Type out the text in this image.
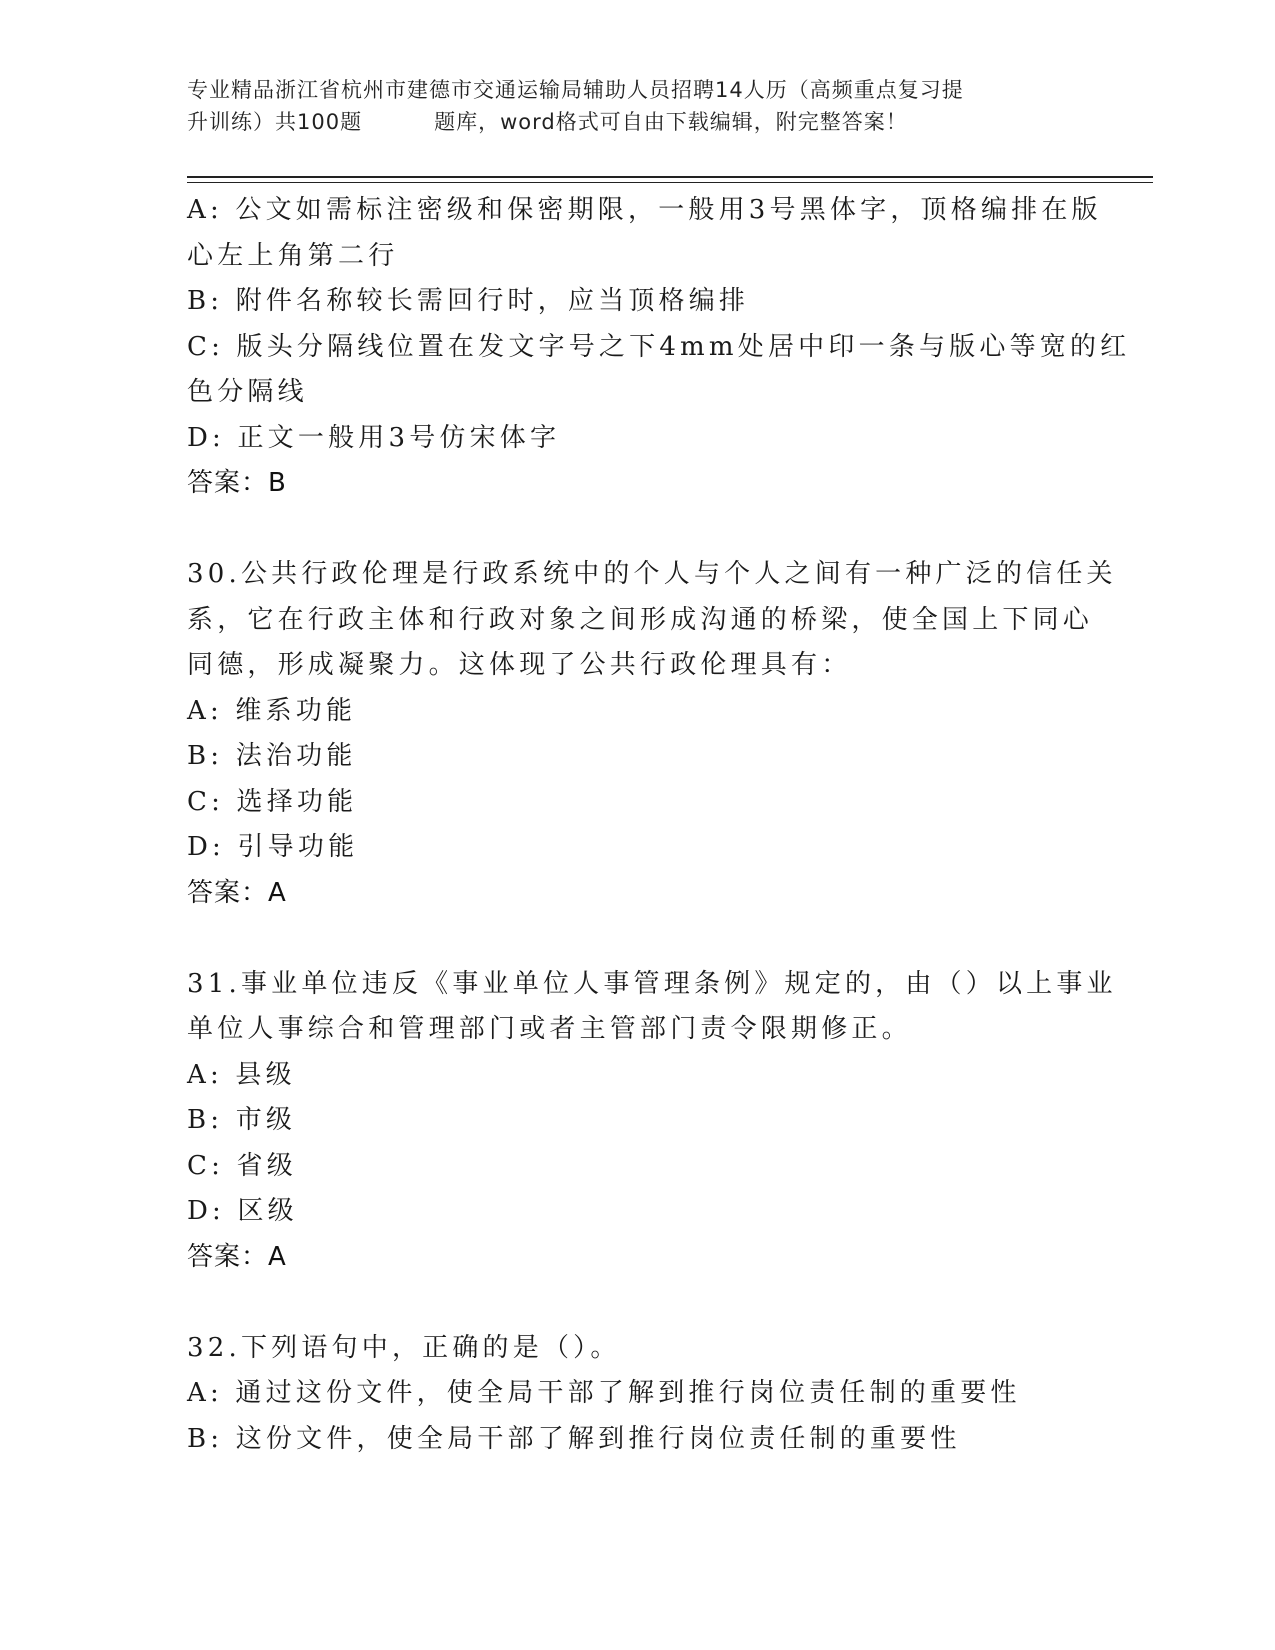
专业精品浙江省杭州市建德市交通运输局辅助人员招聘14人历（高频重点复习提
升训练）共100题	题库，word格式可自由下载编辑，附完整答案！
A: 公文如需标注密级和保密期限，一般用3号黑体字，顶格编排在版
心左上角第二行
B: 附件名称较长需回行时，应当顶格编排
C: 版头分隔线位置在发文字号之下4mm处居中印一条与版心等宽的红
色分隔线
D: 正文一般用3号仿宋体字
答案：B
30.公共行政伦理是行政系统中的个人与个人之间有一种广泛的信任关
系，它在行政主体和行政对象之间形成沟通的桥梁，使全国上下同心
同德，形成凝聚力。这体现了公共行政伦理具有：
A: 维系功能
B: 法治功能
C: 选择功能
D: 引导功能
答案：A
31.事业单位违反《事业单位人事管理条例》规定的，由（）以上事业
单位人事综合和管理部门或者主管部门责令限期修正。
A: 县级
B: 市级
C: 省级
D: 区级
答案：A
32.下列语句中，正确的是（）。
A: 通过这份文件，使全局干部了解到推行岗位责任制的重要性
B: 这份文件，使全局干部了解到推行岗位责任制的重要性
